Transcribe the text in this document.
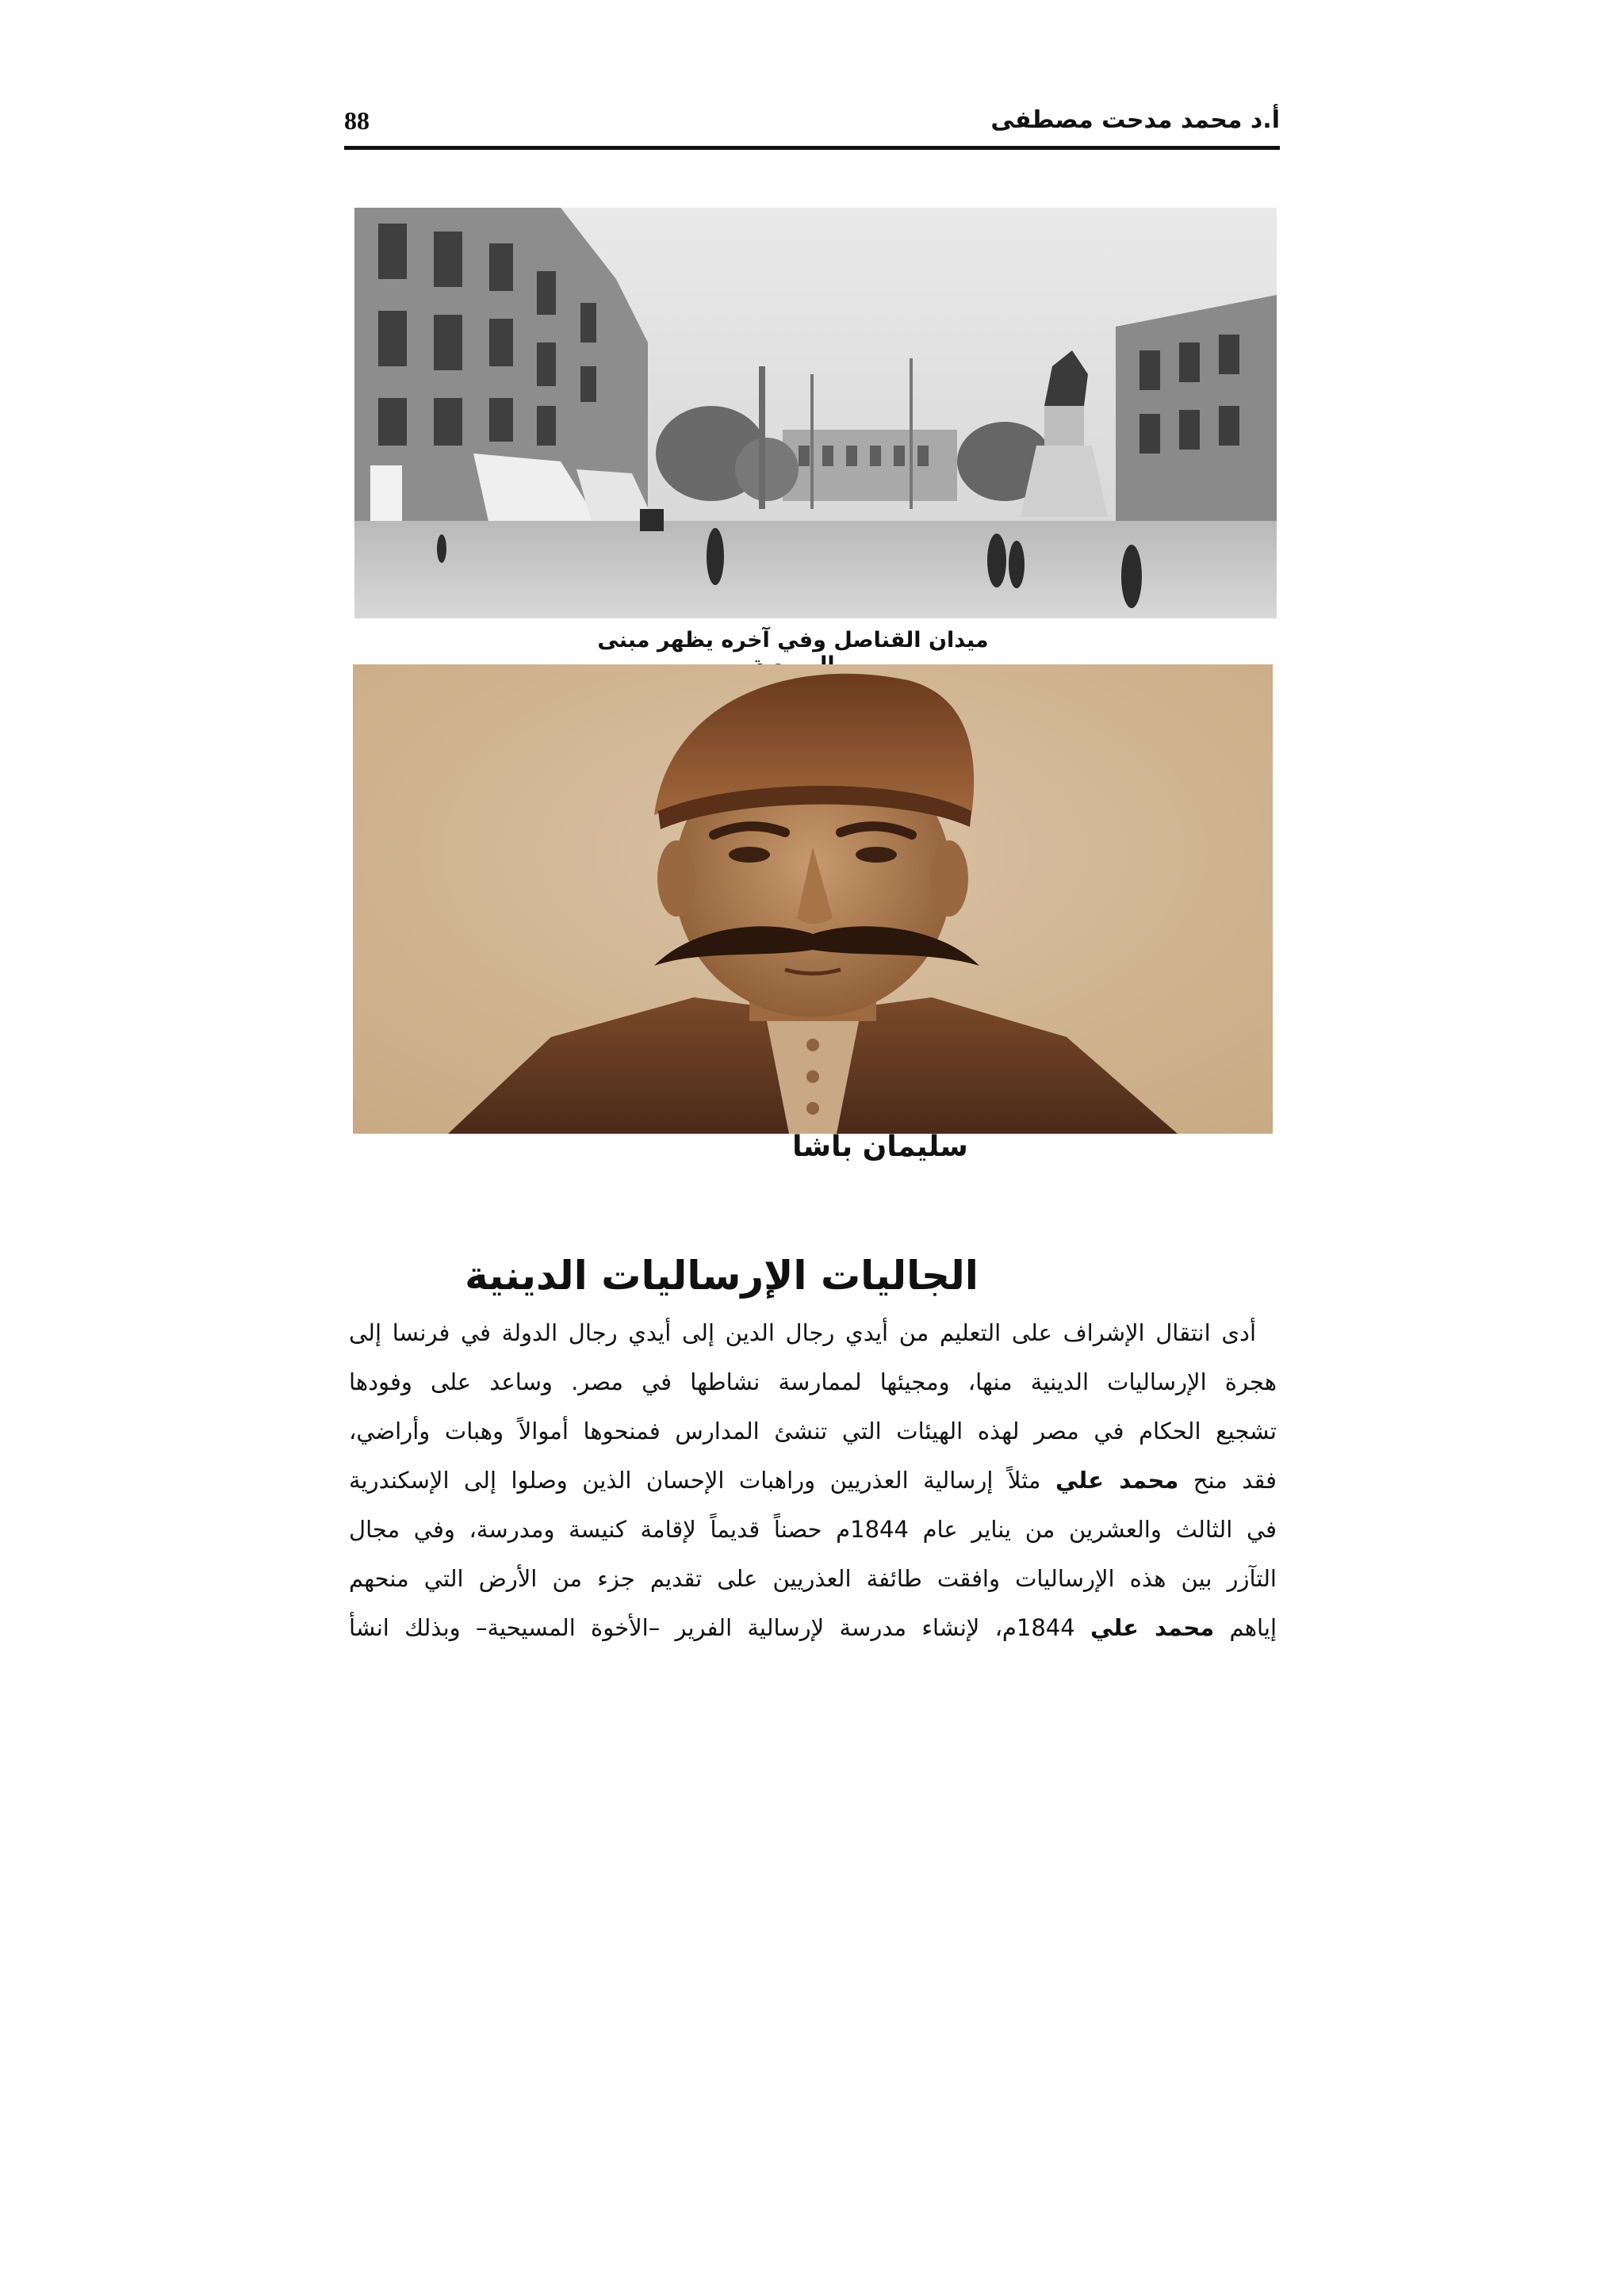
أ.د محمد مدحت مصطفى
88
ميدان القناصل وفي آخره يظهر مبنى
سليمان باشا
الجاليات الإرساليات الدينية
أدى انتقال الإشراف على التعليم من أيدي رجال الدين إلى أيدي رجال الدولة في فرنسا إلى
هجرة الإرساليات الدينية منها، ومجيئها لممارسة نشاطها في مصر. وساعد على وفودها
تشجيع الحكام في مصر لهذه الهيئات التي تنشئ المدارس فمنحوها أموالاً وهبات وأراضي،
فقد منح محمد علي مثلاً إرسالية العذريين وراهبات الإحسان الذين وصلوا إلى الإسكندرية
في الثالث والعشرين من يناير عام 1844م حصناً قديماً لإقامة كنيسة ومدرسة، وفي مجال
التآزر بين هذه الإرساليات وافقت طائفة العذريين على تقديم جزء من الأرض التي منحهم
إياهم محمد علي 1844م، لإنشاء مدرسة لإرسالية الفرير –الأخوة المسيحية– وبذلك انشأ
